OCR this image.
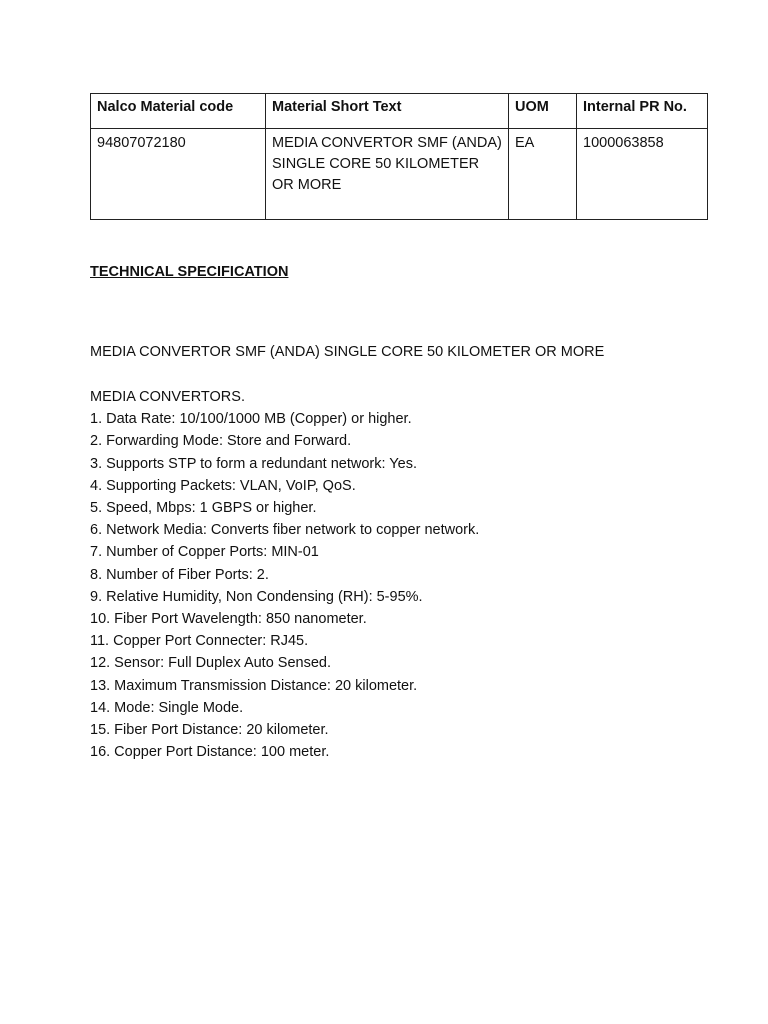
Nalco Material code	Material Short Text	UOM	Internal PR No.
94807072180	MEDIA CONVERTOR SMF (ANDA) SINGLE CORE 50 KILOMETER OR MORE	EA	1000063858
TECHNICAL SPECIFICATION

MEDIA CONVERTOR SMF (ANDA) SINGLE CORE 50 KILOMETER OR MORE

MEDIA CONVERTORS.

1. Data Rate: 10/100/1000 MB (Copper) or higher.
2. Forwarding Mode: Store and Forward.
3. Supports STP to form a redundant network: Yes.
4. Supporting Packets: VLAN, VoIP, QoS.
5. Speed, Mbps: 1 GBPS or higher.
6. Network Media: Converts fiber network to copper network.
7. Number of Copper Ports: MIN-01
8. Number of Fiber Ports: 2.
9. Relative Humidity, Non Condensing (RH): 5-95%.
10. Fiber Port Wavelength: 850 nanometer.
11. Copper Port Connecter: RJ45.
12. Sensor: Full Duplex Auto Sensed.
13. Maximum Transmission Distance: 20 kilometer.
14. Mode: Single Mode.
15. Fiber Port Distance: 20 kilometer.
16. Copper Port Distance: 100 meter.
